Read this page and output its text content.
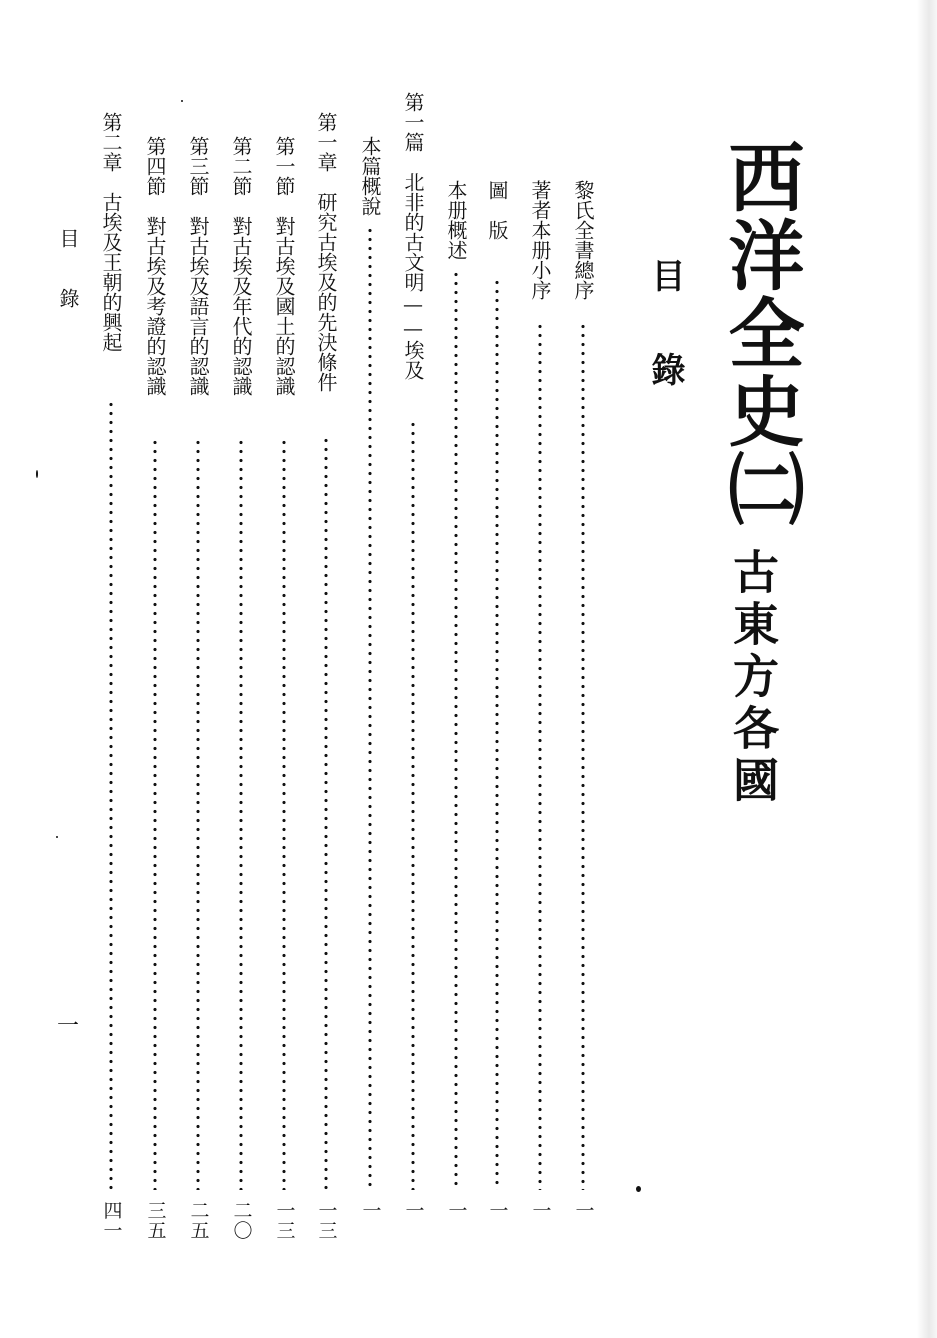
西洋全史㈡
古東方各國
目錄
黎氏全書總序
一
著者本册小序
一
圖　版
一
本册概述
一
第一篇　北非的古文明——埃及
一
本篇概說
一
第一章　研究古埃及的先決條件
一三
第一節　對古埃及國土的認識
一三
第二節　對古埃及年代的認識
二〇
第三節　對古埃及語言的認識
二五
第四節　對古埃及考證的認識
三五
第二章　古埃及王朝的興起
四一
目錄
一
